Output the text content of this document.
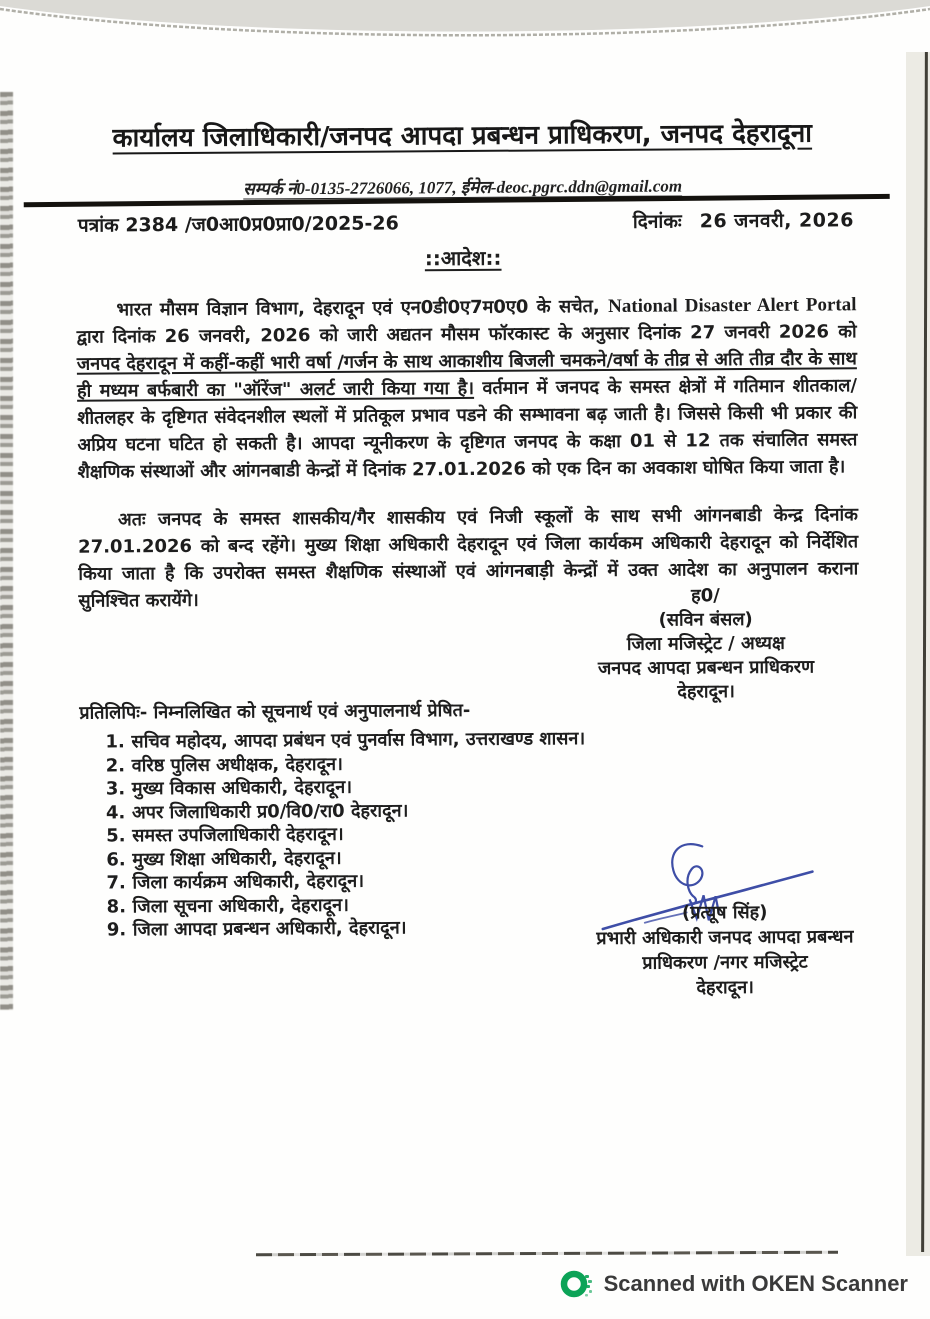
कार्यालय जिलाधिकारी/जनपद आपदा प्रबन्धन प्राधिकरण, जनपद देहरादूना
सम्पर्क नं0-0135-2726066, 1077, ईमेल-deoc.pgrc.ddn@gmail.com
पत्रांक 2384 /ज0आ0प्र0प्रा0/2025-26	दिनांकः 26 जनवरी, 2026
::आदेश::

भारत मौसम विज्ञान विभाग, देहरादून एवं एन0डी0ए7म0ए0 के सचेत, National Disaster Alert Portal द्वारा दिनांक 26 जनवरी, 2026 को जारी अद्यतन मौसम फॉरकास्ट के अनुसार दिनांक 27 जनवरी 2026 को जनपद देहरादून में कहीं-कहीं भारी वर्षा /गर्जन के साथ आकाशीय बिजली चमकने/वर्षा के तीव्र से अति तीव्र दौर के साथ ही मध्यम बर्फबारी का "ऑरेंज" अलर्ट जारी किया गया है। वर्तमान में जनपद के समस्त क्षेत्रों में गतिमान शीतकाल/शीतलहर के दृष्टिगत संवेदनशील स्थलों में प्रतिकूल प्रभाव पडने की सम्भावना बढ़ जाती है। जिससे किसी भी प्रकार की अप्रिय घटना घटित हो सकती है। आपदा न्यूनीकरण के दृष्टिगत जनपद के कक्षा 01 से 12 तक संचालित समस्त शैक्षणिक संस्थाओं और आंगनबाडी केन्द्रों में दिनांक 27.01.2026 को एक दिन का अवकाश घोषित किया जाता है।

अतः जनपद के समस्त शासकीय/गैर शासकीय एवं निजी स्कूलों के साथ सभी आंगनबाडी केन्द्र दिनांक 27.01.2026 को बन्द रहेंगे। मुख्य शिक्षा अधिकारी देहरादून एवं जिला कार्यकम अधिकारी देहरादून को निर्देशित किया जाता है कि उपरोक्त समस्त शैक्षणिक संस्थाओं एवं आंगनबाड़ी केन्द्रों में उक्त आदेश का अनुपालन कराना सुनिश्चित करायेंगे।	ह0/
(सविन बंसल)
जिला मजिस्ट्रेट / अध्यक्ष
जनपद आपदा प्रबन्धन प्राधिकरण
देहरादून।
प्रतिलिपिः- निम्नलिखित को सूचनार्थ एवं अनुपालनार्थ प्रेषित-
1. सचिव महोदय, आपदा प्रबंधन एवं पुनर्वास विभाग, उत्तराखण्ड शासन।
2. वरिष्ठ पुलिस अधीक्षक, देहरादून।
3. मुख्य विकास अधिकारी, देहरादून।
4. अपर जिलाधिकारी प्र0/वि0/रा0 देहरादून।
5. समस्त उपजिलाधिकारी देहरादून।
6. मुख्य शिक्षा अधिकारी, देहरादून।
7. जिला कार्यक्रम अधिकारी, देहरादून।
8. जिला सूचना अधिकारी, देहरादून।
9. जिला आपदा प्रबन्धन अधिकारी, देहरादून।
(प्रत्यूष सिंह)
प्रभारी अधिकारी जनपद आपदा प्रबन्धन
प्राधिकरण /नगर मजिस्ट्रेट
देहरादून।
Scanned with OKEN Scanner
